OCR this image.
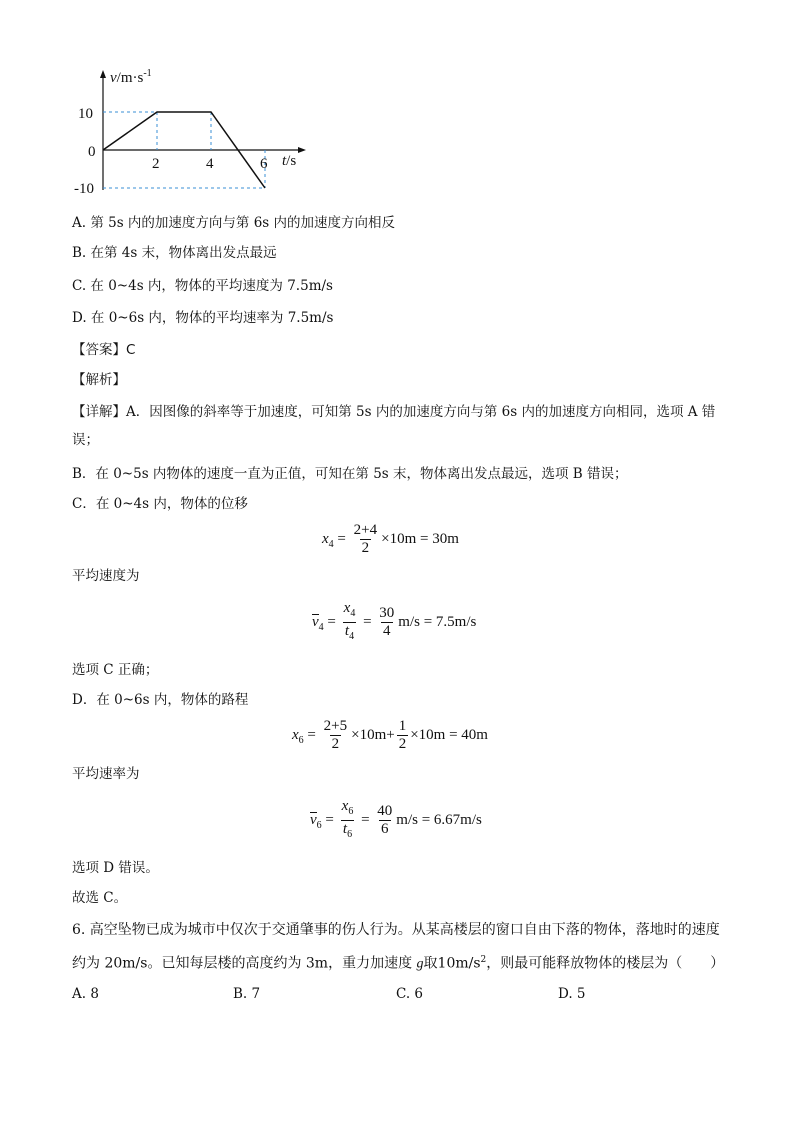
$v/m\cdot s^{-1}$
t/s
10
0
-10
2	4	6
A. 第 5s 内的加速度方向与第 6s 内的加速度方向相反
B. 在第 4s 末，物体离出发点最远
C. 在 0~4s 内，物体的平均速度为 7.5m/s
D. 在 0~6s 内，物体的平均速率为 7.5m/s
【答案】C
【解析】
【详解】A．因图像的斜率等于加速度，可知第 5s 内的加速度方向与第 6s 内的加速度方向相同，选项 A 错误；
B．在 0~5s 内物体的速度一直为正值，可知在第 5s 末，物体离出发点最远，选项 B 错误；
C．在 0~4s 内，物体的位移
$x_4 = \frac{2+4}{2} \times 10m = 30m$
平均速度为
$v_4 = \frac{x_4}{t_4} = \frac{30}{4} m/s = 7.5m/s$
选项 C 正确；
D．在 0~6s 内，物体的路程
$x_6 = \frac{2+5}{2} \times 10m+ \frac{1}{2} \times 10m = 40m$
平均速率为
$v_6 = \frac{x_6}{t_6} = \frac{40}{6} m/s = 6.67m/s$
选项 D 错误。
故选 C。
6. 高空坠物已成为城市中仅次于交通肇事的伤人行为。从某高楼层的窗口自由下落的物体，落地时的速度
约为 20m/s。已知每层楼的高度约为 3m，重力加速度 g取$10m/s^2$，则最可能释放物体的楼层为（　　）
A. 8	B. 7	C. 6	D. 5
